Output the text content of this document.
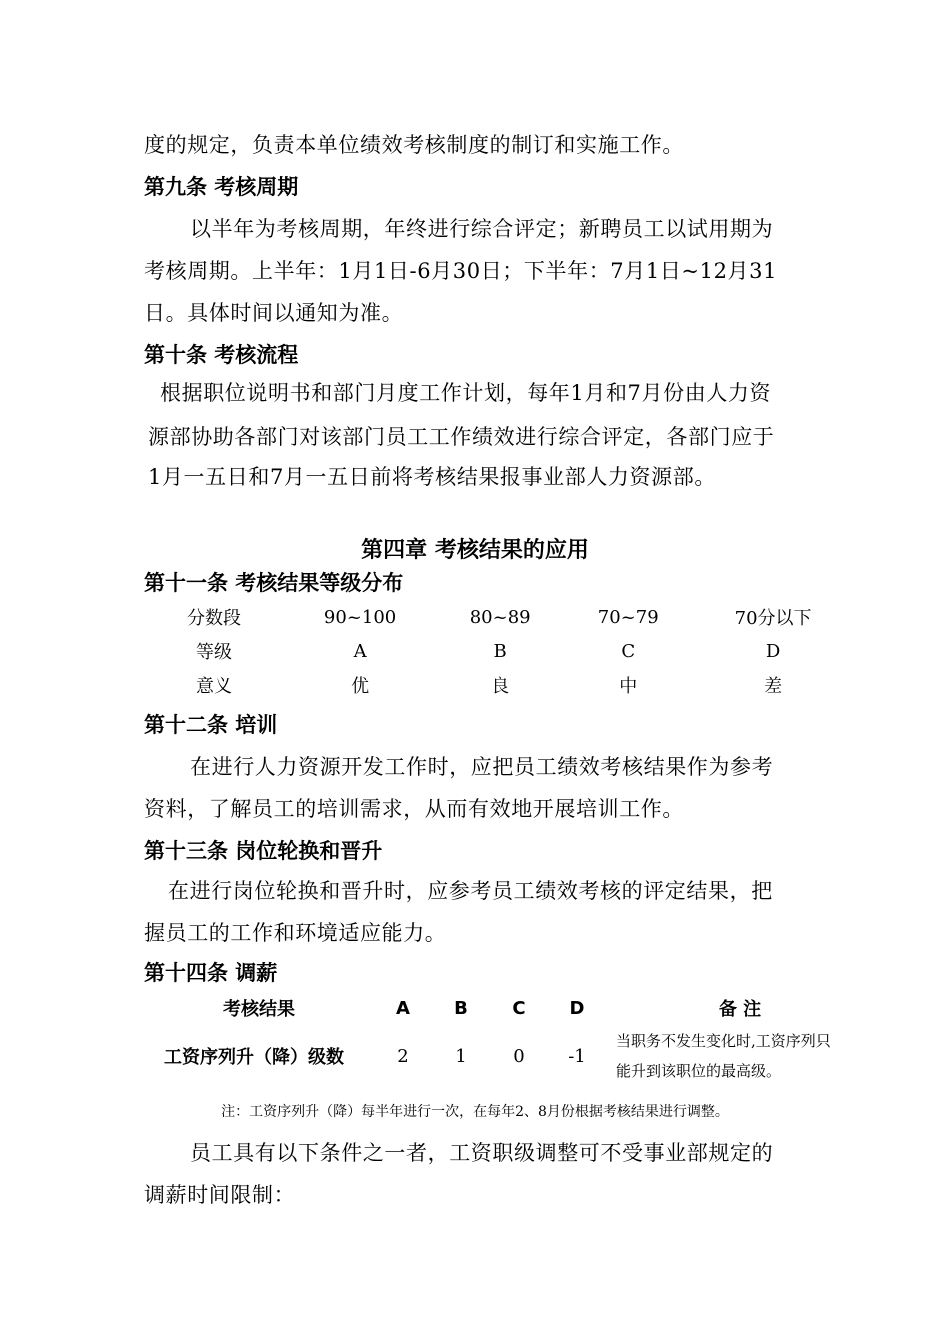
度的规定，负责本单位绩效考核制度的制订和实施工作。
第九条 考核周期
以半年为考核周期，年终进行综合评定；新聘员工以试用期为
考核周期。上半年：1月1日-6月30日；下半年：7月1日~12月31
日。具体时间以通知为准。
第十条 考核流程
根据职位说明书和部门月度工作计划，每年1月和7月份由人力资
源部协助各部门对该部门员工工作绩效进行综合评定，各部门应于
1月一五日和7月一五日前将考核结果报事业部人力资源部。
第四章 考核结果的应用
第十一条 考核结果等级分布
分数段	90~100	80~89	70~79	70分以下
等级	A	B	C	D
意义	优	良	中	差
第十二条 培训
在进行人力资源开发工作时，应把员工绩效考核结果作为参考
资料，了解员工的培训需求，从而有效地开展培训工作。
第十三条 岗位轮换和晋升
在进行岗位轮换和晋升时，应参考员工绩效考核的评定结果，把
握员工的工作和环境适应能力。
第十四条 调薪
考核结果	A	B	C	D	备 注
工资序列升（降）级数	2	1	0	-1	当职务不发生变化时,工资序列只
能升到该职位的最高级。
注：工资序列升（降）每半年进行一次，在每年2、8月份根据考核结果进行调整。
员工具有以下条件之一者，工资职级调整可不受事业部规定的
调薪时间限制：
